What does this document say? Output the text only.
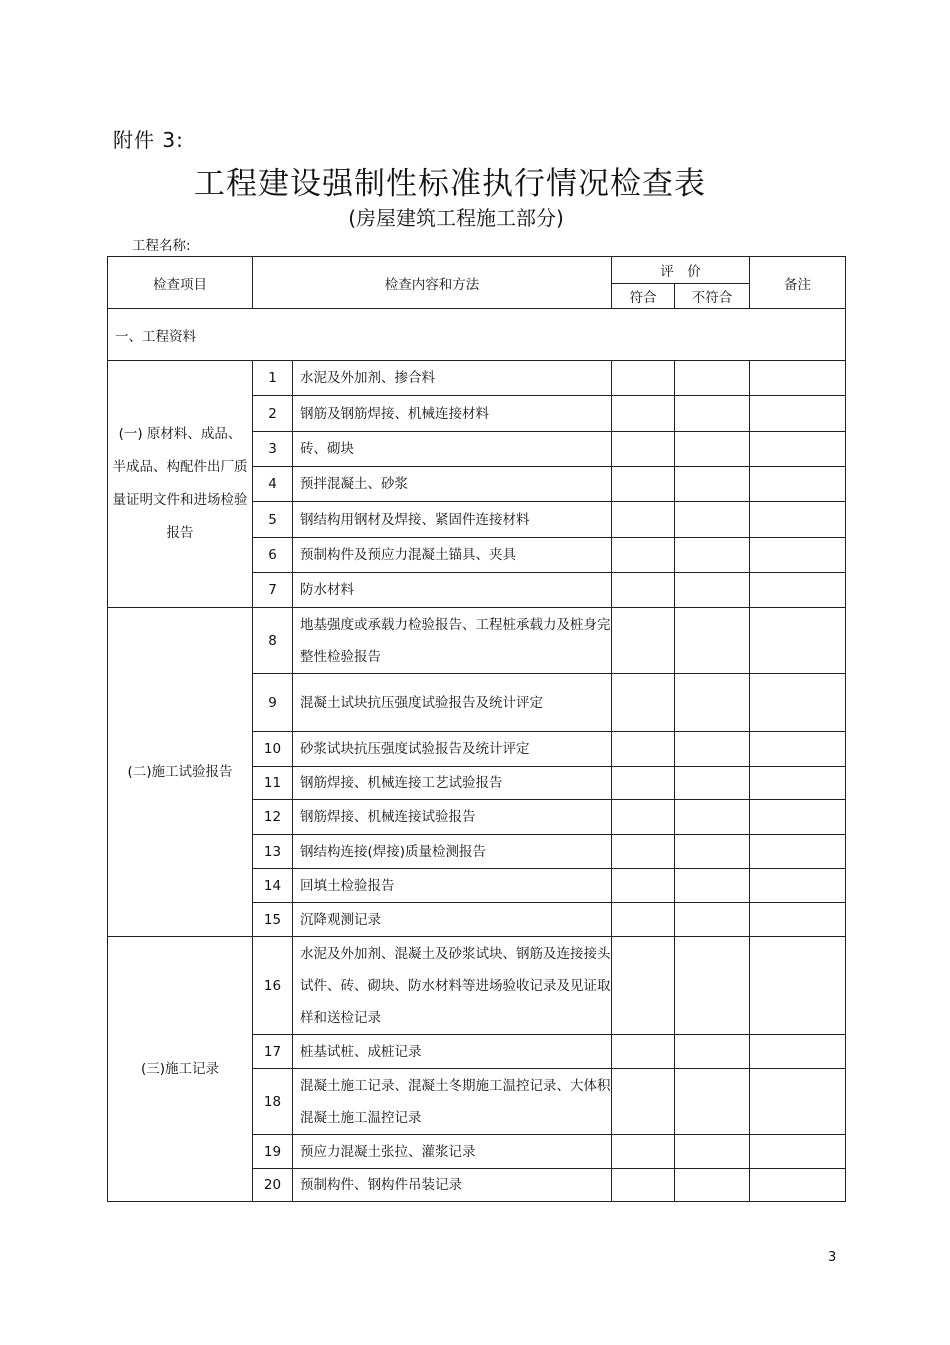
附件 3:
工程建设强制性标准执行情况检查表
(房屋建筑工程施工部分)
工程名称:
检查项目	检查内容和方法		评　价		备注
			符合	不符合	
一、工程资料					
(一) 原材料、成品、半成品、构配件出厂质量证明文件和进场检验报告	1	水泥及外加剂、掺合料			
	2	钢筋及钢筋焊接、机械连接材料			
	3	砖、砌块			
	4	预拌混凝土、砂浆			
	5	钢结构用钢材及焊接、紧固件连接材料			
	6	预制构件及预应力混凝土锚具、夹具			
	7	防水材料			
(二)施工试验报告	8	地基强度或承载力检验报告、工程桩承载力及桩身完整性检验报告			
	9	混凝土试块抗压强度试验报告及统计评定			
	10	砂浆试块抗压强度试验报告及统计评定			
	11	钢筋焊接、机械连接工艺试验报告			
	12	钢筋焊接、机械连接试验报告			
	13	钢结构连接(焊接)质量检测报告			
	14	回填土检验报告			
	15	沉降观测记录			
(三)施工记录	16	水泥及外加剂、混凝土及砂浆试块、钢筋及连接接头试件、砖、砌块、防水材料等进场验收记录及见证取样和送检记录			
	17	桩基试桩、成桩记录			
	18	混凝土施工记录、混凝土冬期施工温控记录、大体积混凝土施工温控记录			
	19	预应力混凝土张拉、灌浆记录			
	20	预制构件、钢构件吊装记录			
3
